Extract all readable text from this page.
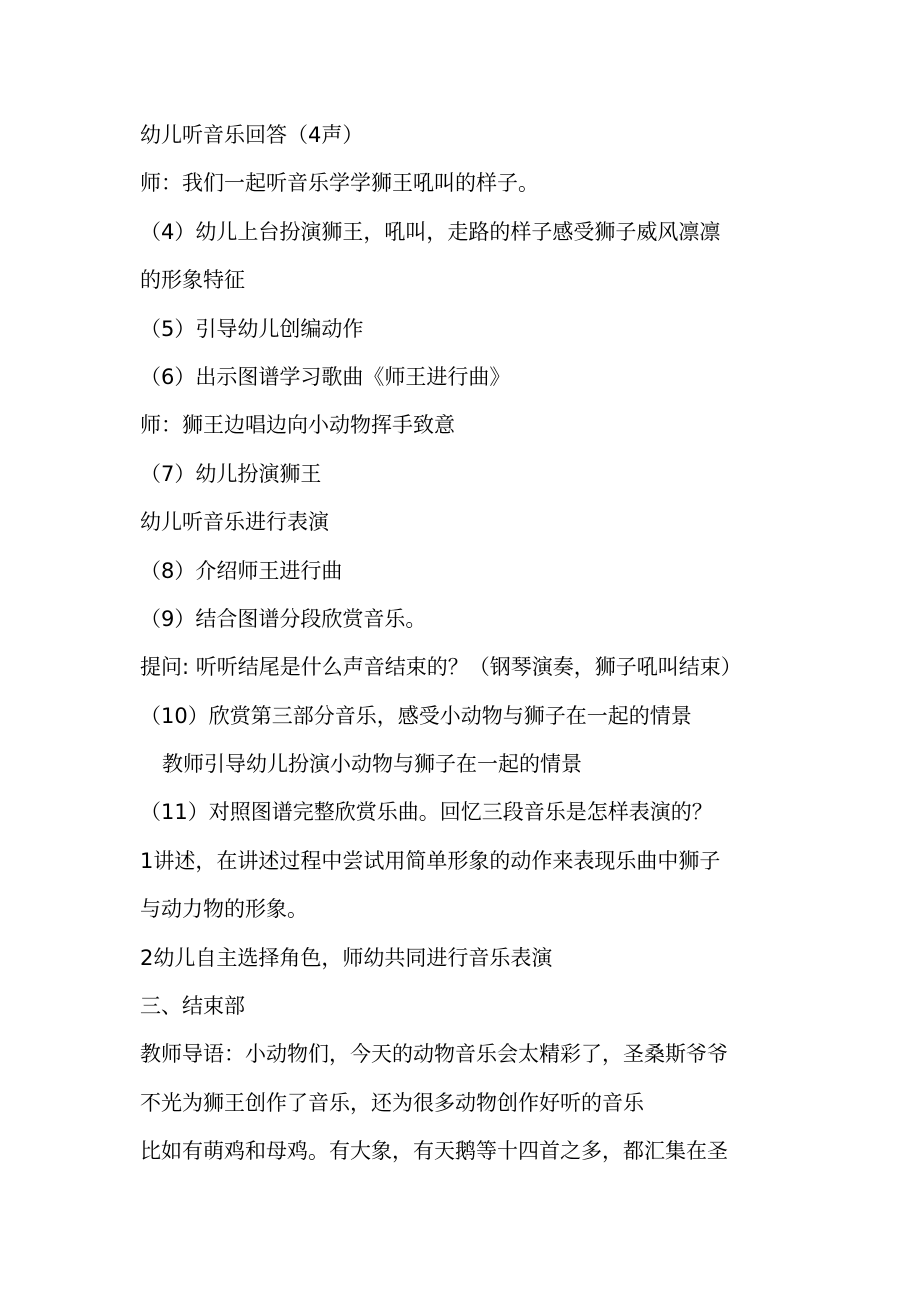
幼儿听音乐回答（4声）
师：我们一起听音乐学学狮王吼叫的样子。
（4）幼儿上台扮演狮王，吼叫，走路的样子感受狮子威风凛凛
的形象特征
（5）引导幼儿创编动作
（6）出示图谱学习歌曲《师王进行曲》
师：狮王边唱边向小动物挥手致意
（7）幼儿扮演狮王
幼儿听音乐进行表演
（8）介绍师王进行曲
（9）结合图谱分段欣赏音乐。
提问: 听听结尾是什么声音结束的？（钢琴演奏，狮子吼叫结束）
（10）欣赏第三部分音乐，感受小动物与狮子在一起的情景
教师引导幼儿扮演小动物与狮子在一起的情景
（11）对照图谱完整欣赏乐曲。回忆三段音乐是怎样表演的？
1讲述，在讲述过程中尝试用简单形象的动作来表现乐曲中狮子
与动力物的形象。
2幼儿自主选择角色，师幼共同进行音乐表演
三、结束部
教师导语：小动物们，今天的动物音乐会太精彩了，圣桑斯爷爷
不光为狮王创作了音乐，还为很多动物创作好听的音乐
比如有萌鸡和母鸡。有大象，有天鹅等十四首之多，都汇集在圣
